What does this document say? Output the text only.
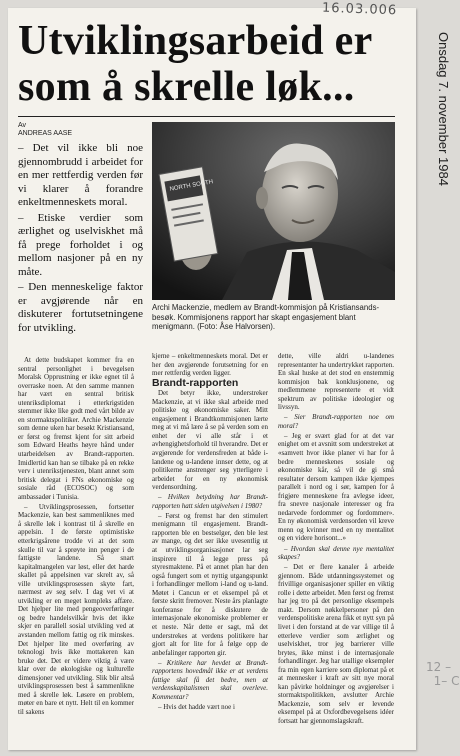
16.03.006
Utviklingsarbeid er som å skrelle løk...	Onsdag 7. november 1984
Av
ANDREAS AASE

– Det vil ikke bli noe gjennombrudd i arbeidet for en mer rettferdig verden før vi klarer å forandre enkeltmenneskets moral.

– Etiske verdier som ærlighet og uselviskhet må få prege forholdet i og mellom nasjoner på en ny måte.

– Den menneskelige faktor er avgjørende når en diskuterer fortutsetningene for utvikling.

NORTH SOUTH
Archi Mackenzie, medlem av Brandt-kommisjon på Kristiansands-besøk. Kommisjonens rapport har skapt engasjement blant menigmann. (Foto: Åse Halvorsen).

At dette budskapet kommer fra en sentral personlighet i bevegelsen Moralsk Opprustning er ikke egnet til å overraske noen. At den samme mannen har vært en sentral britisk utenriksdiplomat i etterkrigstiden stemmer ikke like godt med vårt bilde av en stormaktspolitiker. Archie Mackenzie som denne uken har besøkt Kristiansand, er først og fremst kjent for sitt arbeid som Edward Heaths høyre hånd under utarbeidelsen av Brandt-rapporten. Imidlertid kan han se tilbake på en rekke verv i utenrikstjenesten, blant annet som britisk delegat i FNs økonomiske og sosiale råd (ECOSOC) og som ambassadør i Tunisia.

– Utviklingsprosessen, fortsetter Mackenzie, kan best sammenliknes med å skrelle løk i kontrast til å skrelle en appelsin. I de første optimistiske etterkrigsårene trodde vi at det som skulle til var å sprøyte inn penger i de fattigste landene. Så snart kapitalmangelen var løst, eller det harde skallet på appelsinen var skrelt av, så ville utviklingsprosessen skyte fart, nærmest av seg selv. I dag vet vi at utvikling er en meget kompleks affære. Det hjelper lite med pengeoverføringer og bedre handelsvilkår hvis det ikke skjer en parallell sosial utvikling ved at avstanden mellom fattig og rik minskes. Det hjelper lite med overføring av teknologi hvis ikke mottakeren kan bruke det. Det er videre viktig å være klar over de økologiske og kulturelle dimensjoner ved utvikling. Slik blir altså utviklingsprosessen best å sammenlikne med å skrelle løk. Løsere en problem, møter en bare et nytt. Helt til en kommer til sakens

kjerne – enkeltmenneskets moral. Det er her den avgjørende forutsetning for en mer rettferdig verden ligger.

Brandt-rapporten

Det betyr ikke, understreker Mackenzie, at vi ikke skal arbeide med politiske og økonomiske saker. Mitt engasjement i Brandtkommisjonen lærte meg at vi må lære å se på verden som en enhet der vi alle står i et avhengighetsforhold til hverandre. Det er avgjørende for verdensfreden at både i-landene og u-landene innser dette, og at politikerne anstrenger seg ytterligere i arbeidet for en ny økonomisk verdensordning.

– Hvilken betydning har Brandt-rapporten hatt siden utgivelsen i 1980?

– Først og fremst har den stimulert menigmann til engasjement. Brandt-rapporten ble en bestselger, den ble lest av mange, og det ser ikke uvesentlig ut at utviklingsorganisasjoner lar seg inspirere til å legge press på styresmaktene. På et annet plan har den også fungert som et nyttig utgangspunkt i forhandlinger mellom i-land og u-land. Møtet i Cancun er et eksempel på et første skritt fremover. Neste års planlagte konferanse for å diskutere de internasjonale økonomiske problemer er et neste. Når dette er sagt, må det understrekes at verdens politikere har gjort alt for lite for å følge opp de anbefalinger rapporten gir.

– Kritikere har hevdet at Brandt-rapportens hovedmål ikke er at verdens fattige skal få det bedre, men at verdenskapitalismen skal overleve. Kommentar?

– Hvis det hadde vært noe i

dette, ville aldri u-landenes representanter ha undertrykket rapporten. En skal huske at det stod en enstemmig kommisjon bak konklusjonene, og medlemmene representerte et vidt spektrum av politiske ideologier og livssyn.

– Sier Brandt-rapporten noe om moral?

– Jeg er svært glad for at det var enighet om et avsnitt som understreket at «samvett hvor ikke planer vi har for å bedre menneskenes sosiale og økonomiske kår, så vil de gi små resultater dersom kampen ikke kjempes parallelt i nord og i sør, kampen for å frigjøre menneskene fra avlegse ideer, fra snevre nasjonale interesser og fra nedarvede fordommer og fordommer». En ny økonomisk verdensorden vil kreve menn og kvinner med en ny mentalitet og en videre horisont...»

– Hvordan skal denne nye mentalitet skapes?

– Det er flere kanaler å arbeide gjennom. Både utdanningssystemet og frivillige organisasjoner spiller en viktig rolle i dette arbeidet. Men først og fremst har jeg tro på det personlige eksempels makt. Dersom nøkkelpersoner på den verdenspolitiske arena fikk et nytt syn på livet i den forstand at de var villige til å etterleve verdier som ærlighet og uselviskhet, tror jeg barrierer ville brytes, ikke minst i de internasjonale forhandlinger. Jeg har utallige eksempler fra min egen karriere som diplomat på et at mennesker i kraft av sitt nye moral kan påvirke holdninger og avgjørelser i stormaktspolitikken, avslutter Archie Mackenzie, som selv er levende eksempel på at Oxfordbevegelsens idéer fortsatt har gjennomslagskraft.

12 –     1– C
